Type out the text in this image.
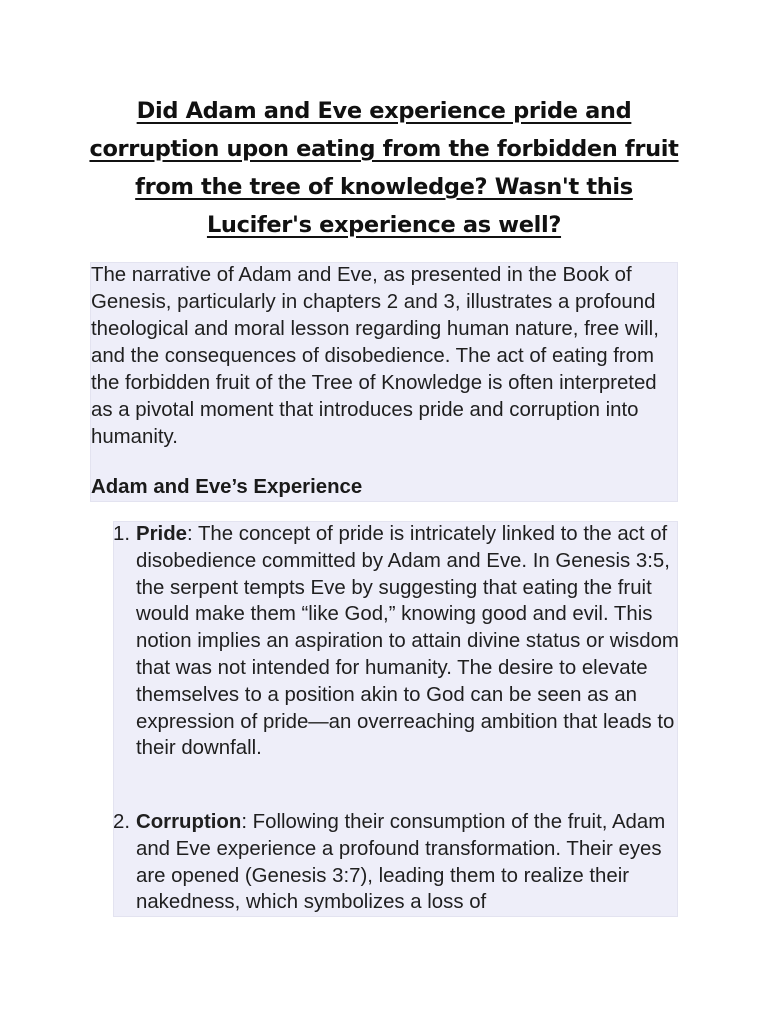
Did Adam and Eve experience pride and corruption upon eating from the forbidden fruit from the tree of knowledge? Wasn't this Lucifer's experience as well?

The narrative of Adam and Eve, as presented in the Book of Genesis, particularly in chapters 2 and 3, illustrates a profound theological and moral lesson regarding human nature, free will, and the consequences of disobedience. The act of eating from the forbidden fruit of the Tree of Knowledge is often interpreted as a pivotal moment that introduces pride and corruption into humanity.

Adam and Eve’s Experience
1. Pride: The concept of pride is intricately linked to the act of disobedience committed by Adam and Eve. In Genesis 3:5, the serpent tempts Eve by suggesting that eating the fruit would make them “like God,” knowing good and evil. This notion implies an aspiration to attain divine status or wisdom that was not intended for humanity. The desire to elevate themselves to a position akin to God can be seen as an expression of pride—an overreaching ambition that leads to their downfall.
2. Corruption: Following their consumption of the fruit, Adam and Eve experience a profound transformation. Their eyes are opened (Genesis 3:7), leading them to realize their nakedness, which symbolizes a loss of
